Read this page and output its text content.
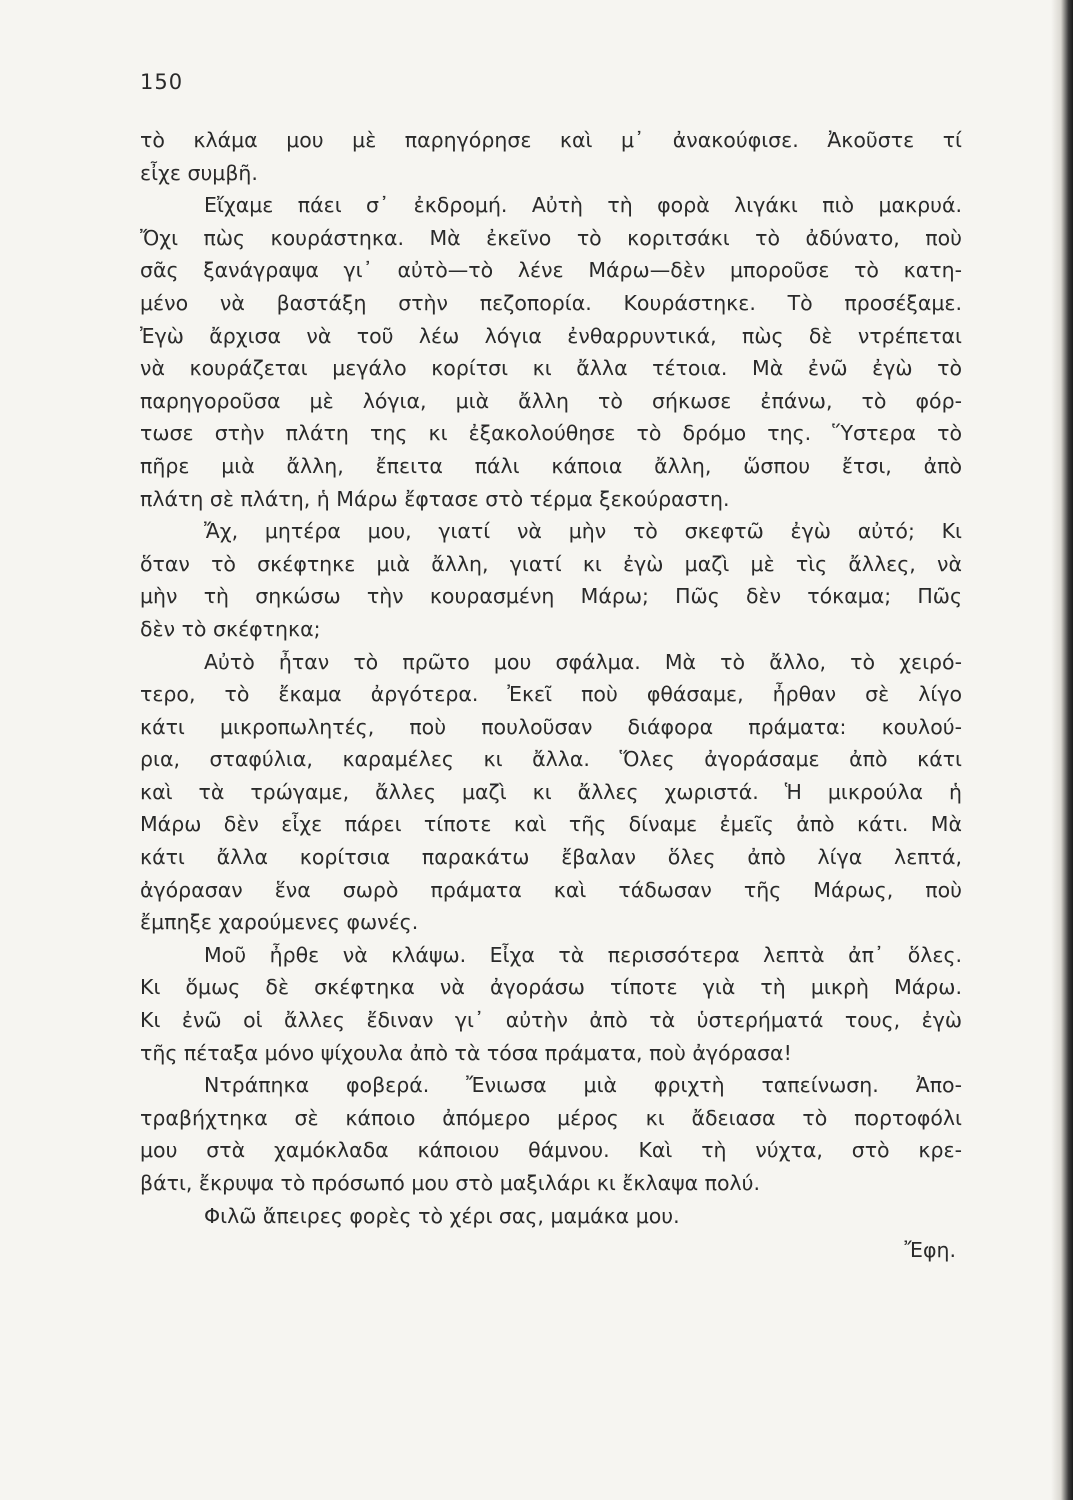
150
τὸ κλάμα μου μὲ παρηγόρησε καὶ μ᾽ ἀνακούφισε. Ἀκοῦστε τί
εἶχε συμβῆ.
Εἴχαμε πάει σ᾽ ἐκδρομή. Αὐτὴ τὴ φορὰ λιγάκι πιὸ μακρυά.
Ὄχι πὼς κουράστηκα. Μὰ ἐκεῖνο τὸ κοριτσάκι τὸ ἀδύνατο, ποὺ
σᾶς ξανάγραψα γι᾽ αὐτὸ—τὸ λένε Μάρω—δὲν μποροῦσε τὸ κατη-
μένο νὰ βαστάξη στὴν πεζοπορία. Κουράστηκε. Τὸ προσέξαμε.
Ἐγὼ ἄρχισα νὰ τοῦ λέω λόγια ἐνθαρρυντικά, πὼς δὲ ντρέπεται
νὰ κουράζεται μεγάλο κορίτσι κι ἄλλα τέτοια. Μὰ ἐνῶ ἐγὼ τὸ
παρηγοροῦσα μὲ λόγια, μιὰ ἄλλη τὸ σήκωσε ἐπάνω, τὸ φόρ-
τωσε στὴν πλάτη της κι ἐξακολούθησε τὸ δρόμο της. Ὕστερα τὸ
πῆρε μιὰ ἄλλη, ἔπειτα πάλι κάποια ἄλλη, ὥσπου ἔτσι, ἀπὸ
πλάτη σὲ πλάτη, ἡ Μάρω ἔφτασε στὸ τέρμα ξεκούραστη.
Ἄχ, μητέρα μου, γιατί νὰ μὴν τὸ σκεφτῶ ἐγὼ αὐτό; Κι
ὅταν τὸ σκέφτηκε μιὰ ἄλλη, γιατί κι ἐγὼ μαζὶ μὲ τὶς ἄλλες, νὰ
μὴν τὴ σηκώσω τὴν κουρασμένη Μάρω; Πῶς δὲν τόκαμα; Πῶς
δὲν τὸ σκέφτηκα;
Αὐτὸ ἦταν τὸ πρῶτο μου σφάλμα. Μὰ τὸ ἄλλο, τὸ χειρό-
τερο, τὸ ἔκαμα ἀργότερα. Ἐκεῖ ποὺ φθάσαμε, ἦρθαν σὲ λίγο
κάτι μικροπωλητές, ποὺ πουλοῦσαν διάφορα πράματα: κουλού-
ρια, σταφύλια, καραμέλες κι ἄλλα. Ὅλες ἀγοράσαμε ἀπὸ κάτι
καὶ τὰ τρώγαμε, ἄλλες μαζὶ κι ἄλλες χωριστά. Ἡ μικρούλα ἡ
Μάρω δὲν εἶχε πάρει τίποτε καὶ τῆς δίναμε ἐμεῖς ἀπὸ κάτι. Μὰ
κάτι ἄλλα κορίτσια παρακάτω ἔβαλαν ὅλες ἀπὸ λίγα λεπτά,
ἀγόρασαν ἕνα σωρὸ πράματα καὶ τάδωσαν τῆς Μάρως, ποὺ
ἔμπηξε χαρούμενες φωνές.
Μοῦ ἦρθε νὰ κλάψω. Εἶχα τὰ περισσότερα λεπτὰ ἀπ᾽ ὅλες.
Κι ὅμως δὲ σκέφτηκα νὰ ἀγοράσω τίποτε γιὰ τὴ μικρὴ Μάρω.
Κι ἐνῶ οἱ ἄλλες ἔδιναν γι᾽ αὐτὴν ἀπὸ τὰ ὑστερήματά τους, ἐγὼ
τῆς πέταξα μόνο ψίχουλα ἀπὸ τὰ τόσα πράματα, ποὺ ἀγόρασα!
Ντράπηκα φοβερά. Ἔνιωσα μιὰ φριχτὴ ταπείνωση. Ἀπο-
τραβήχτηκα σὲ κάποιο ἀπόμερο μέρος κι ἄδειασα τὸ πορτοφόλι
μου στὰ χαμόκλαδα κάποιου θάμνου. Καὶ τὴ νύχτα, στὸ κρε-
βάτι, ἔκρυψα τὸ πρόσωπό μου στὸ μαξιλάρι κι ἔκλαψα πολύ.
Φιλῶ ἄπειρες φορὲς τὸ χέρι σας, μαμάκα μου.
Ἔφη.
